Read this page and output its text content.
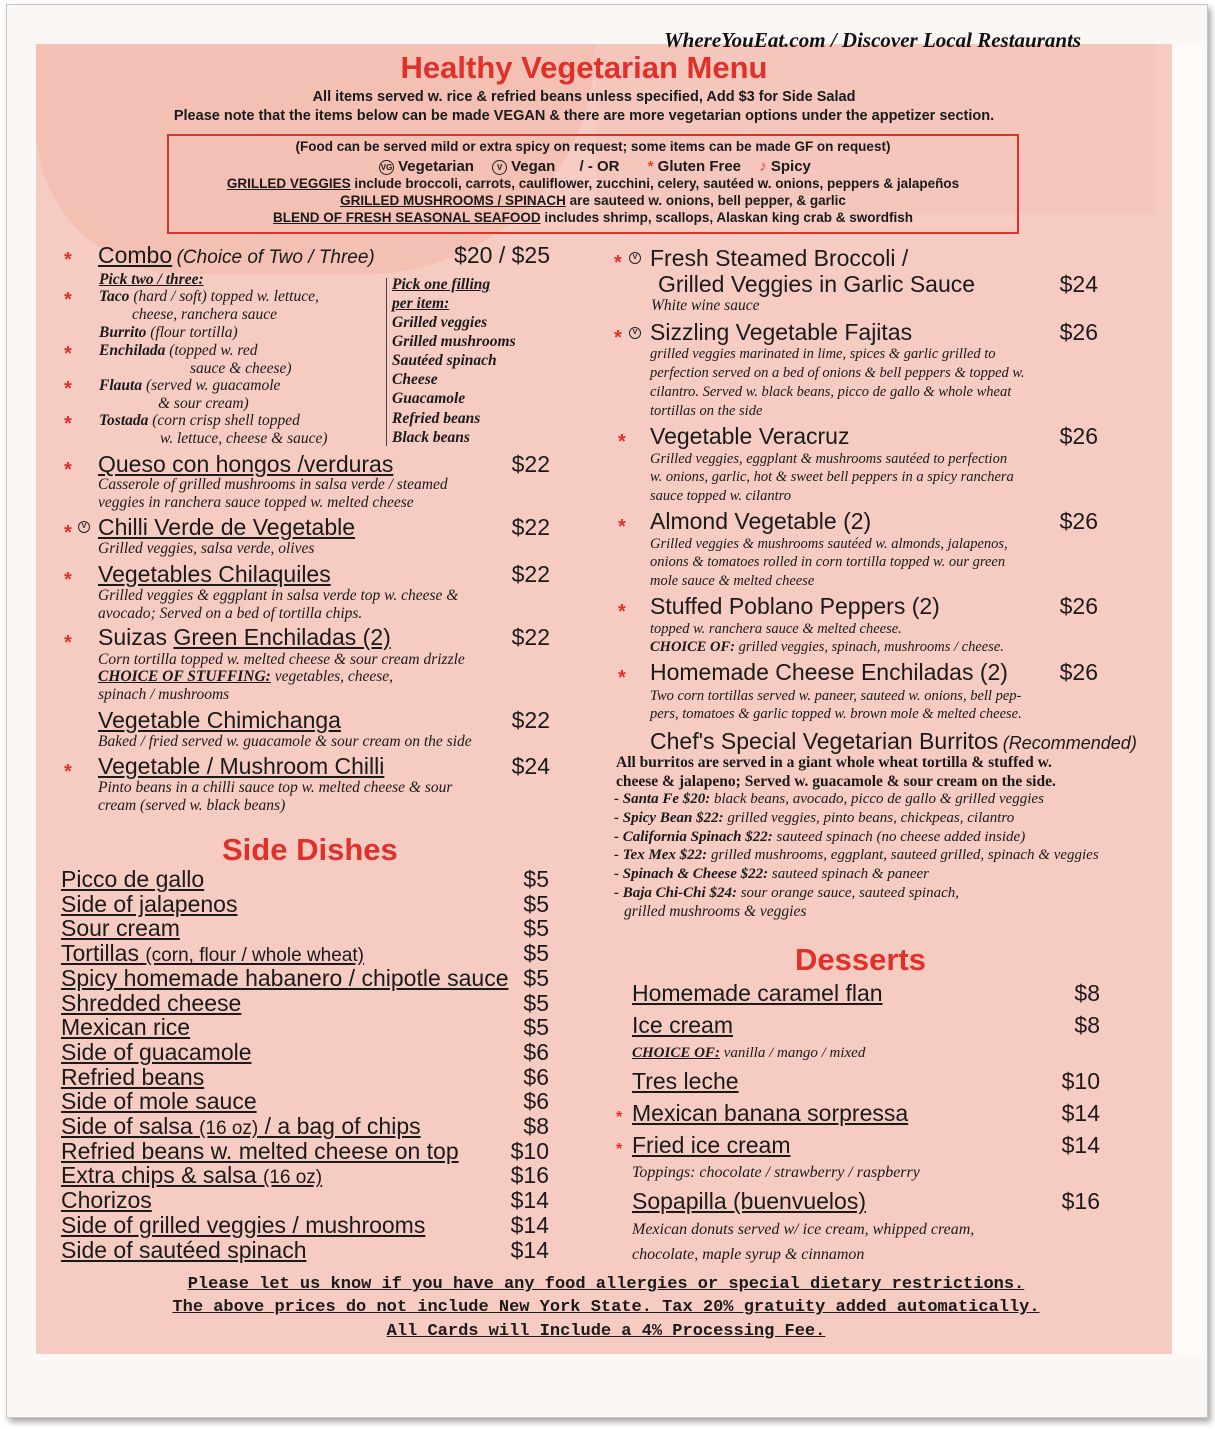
WhereYouEat.com / Discover Local Restaurants
Healthy Vegetarian Menu
All items served w. rice & refried beans unless specified, Add $3 for Side Salad
Please note that the items below can be made VEGAN & there are more vegetarian options under the appetizer section.
(Food can be served mild or extra spicy on request; some items can be made GF on request)
VG Vegetarian	V Vegan / - OR * Gluten Free ♪ Spicy
GRILLED VEGGIES include broccoli, carrots, cauliflower, zucchini, celery, sautéed w. onions, peppers & jalapeños
GRILLED MUSHROOMS / SPINACH are sauteed w. onions, bell pepper, & garlic
BLEND OF FRESH SEASONAL SEAFOOD includes shrimp, scallops, Alaskan king crab & swordfish
* Combo (Choice of Two / Three)	$20 / $25
Pick two / three:
* Taco (hard / soft) topped w. lettuce,
cheese, ranchera sauce
Burrito (flour tortilla)
* Enchilada (topped w. red
sauce & cheese)
* Flauta (served w. guacamole
& sour cream)
* Tostada (corn crisp shell topped
w. lettuce, cheese & sauce)
Pick one filling
per item:
Grilled veggies
Grilled mushrooms
Sautéed spinach
Cheese
Guacamole
Refried beans
Black beans
* Queso con hongos /verduras	$22
Casserole of grilled mushrooms in salsa verde / steamed
veggies in ranchera sauce topped w. melted cheese
*	V Chilli Verde de Vegetable	$22
Grilled veggies, salsa verde, olives
* Vegetables Chilaquiles	$22
Grilled veggies & eggplant in salsa verde top w. cheese &
avocado; Served on a bed of tortilla chips.
* Suizas Green Enchiladas (2)	$22
Corn tortilla topped w. melted cheese & sour cream drizzle
CHOICE OF STUFFING: vegetables, cheese,
spinach / mushrooms
Vegetable Chimichanga	$22
Baked / fried served w. guacamole & sour cream on the side
* Vegetable / Mushroom Chilli	$24
Pinto beans in a chilli sauce top w. melted cheese & sour
cream (served w. black beans)
Side Dishes
Picco de gallo	$5
Side of jalapenos	$5
Sour cream	$5
Tortillas (corn, flour / whole wheat)	$5
Spicy homemade habanero / chipotle sauce $5
Shredded cheese	$5
Mexican rice	$5
Side of guacamole	$6
Refried beans	$6
Side of mole sauce	$6
Side of salsa (16 oz) / a bag of chips	$8
Refried beans w. melted cheese on top	$10
Extra chips & salsa (16 oz)	$16
Chorizos	$14
Side of grilled veggies / mushrooms	$14
Side of sautéed spinach	$14
*	V Fresh Steamed Broccoli /
Grilled Veggies in Garlic Sauce	$24
White wine sauce
*	V Sizzling Vegetable Fajitas	$26
grilled veggies marinated in lime, spices & garlic grilled to
perfection served on a bed of onions & bell peppers & topped w.
cilantro. Served w. black beans, picco de gallo & whole wheat
tortillas on the side
* Vegetable Veracruz	$26
Grilled veggies, eggplant & mushrooms sautéed to perfection
w. onions, garlic, hot & sweet bell peppers in a spicy ranchera
sauce topped w. cilantro
* Almond Vegetable (2)	$26
Grilled veggies & mushrooms sautéed w. almonds, jalapenos,
onions & tomatoes rolled in corn tortilla topped w. our green
mole sauce & melted cheese
* Stuffed Poblano Peppers (2)	$26
topped w. ranchera sauce & melted cheese.
CHOICE OF: grilled veggies, spinach, mushrooms / cheese.
* Homemade Cheese Enchiladas (2)	$26
Two corn tortillas served w. paneer, sauteed w. onions, bell pep-
pers, tomatoes & garlic topped w. brown mole & melted cheese.
Chef's Special Vegetarian Burritos (Recommended)
All burritos are served in a giant whole wheat tortilla & stuffed w.
cheese & jalapeno; Served w. guacamole & sour cream on the side.
- Santa Fe $20: black beans, avocado, picco de gallo & grilled veggies
- Spicy Bean $22: grilled veggies, pinto beans, chickpeas, cilantro
- California Spinach $22: sauteed spinach (no cheese added inside)
- Tex Mex $22: grilled mushrooms, eggplant, sauteed grilled, spinach & veggies
- Spinach & Cheese $22: sauteed spinach & paneer
- Baja Chi-Chi $24: sour orange sauce, sauteed spinach,
grilled mushrooms & veggies
Desserts
Homemade caramel flan	$8
Ice cream	$8
CHOICE OF: vanilla / mango / mixed
Tres leche	$10
* Mexican banana sorpressa	$14
* Fried ice cream	$14
Toppings: chocolate / strawberry / raspberry
Sopapilla (buenvuelos)	$16
Mexican donuts served w/ ice cream, whipped cream,
chocolate, maple syrup & cinnamon
Please let us know if you have any food allergies or special dietary restrictions.
The above prices do not include New York State. Tax 20% gratuity added automatically.
All Cards will Include a 4% Processing Fee.
